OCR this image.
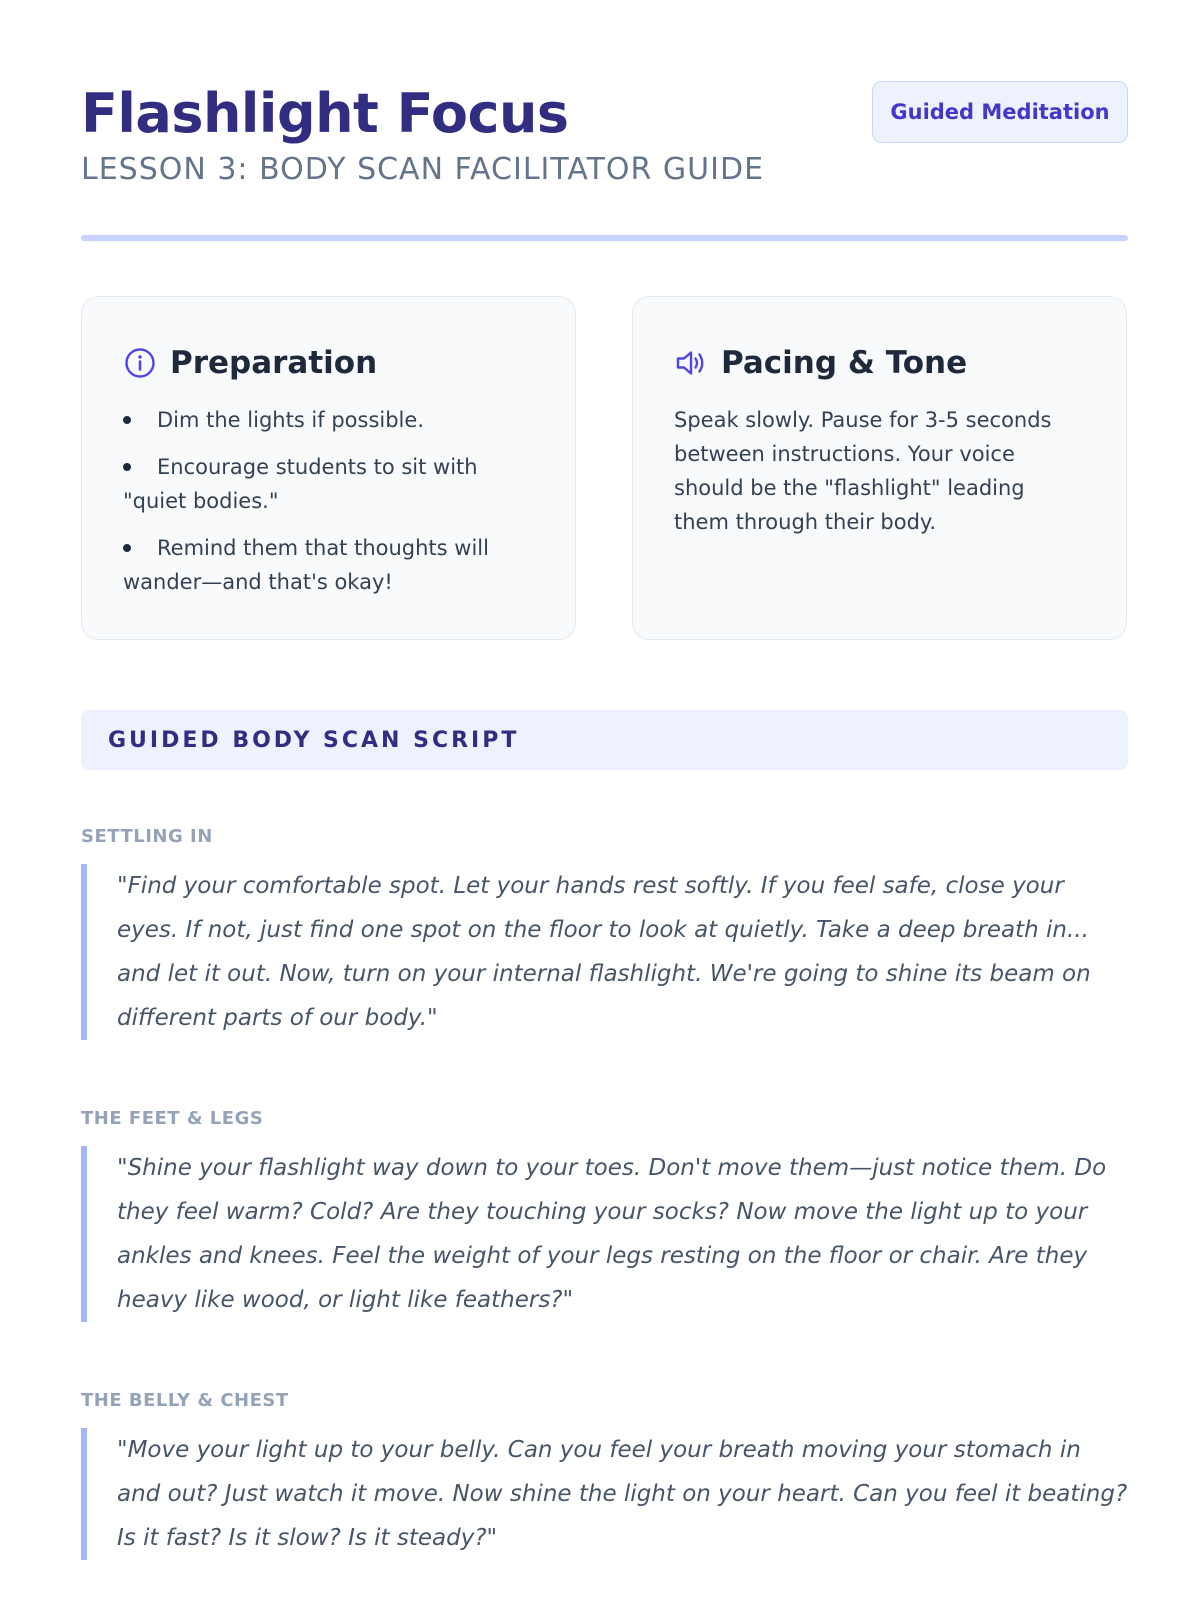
Flashlight Focus
LESSON 3: BODY SCAN FACILITATOR GUIDE
Guided Meditation
Preparation
Dim the lights if possible.
Encourage students to sit with "quiet bodies."
Remind them that thoughts will wander—and that's okay!
Pacing & Tone

Speak slowly. Pause for 3-5 seconds between instructions. Your voice should be the "flashlight" leading them through their body.

GUIDED BODY SCAN SCRIPT

SETTLING IN

"Find your comfortable spot. Let your hands rest softly. If you feel safe, close your eyes. If not, just find one spot on the floor to look at quietly. Take a deep breath in... and let it out. Now, turn on your internal flashlight. We're going to shine its beam on different parts of our body."

THE FEET & LEGS

"Shine your flashlight way down to your toes. Don't move them—just notice them. Do they feel warm? Cold? Are they touching your socks? Now move the light up to your ankles and knees. Feel the weight of your legs resting on the floor or chair. Are they heavy like wood, or light like feathers?"

THE BELLY & CHEST

"Move your light up to your belly. Can you feel your breath moving your stomach in and out? Just watch it move. Now shine the light on your heart. Can you feel it beating? Is it fast? Is it slow? Is it steady?"
